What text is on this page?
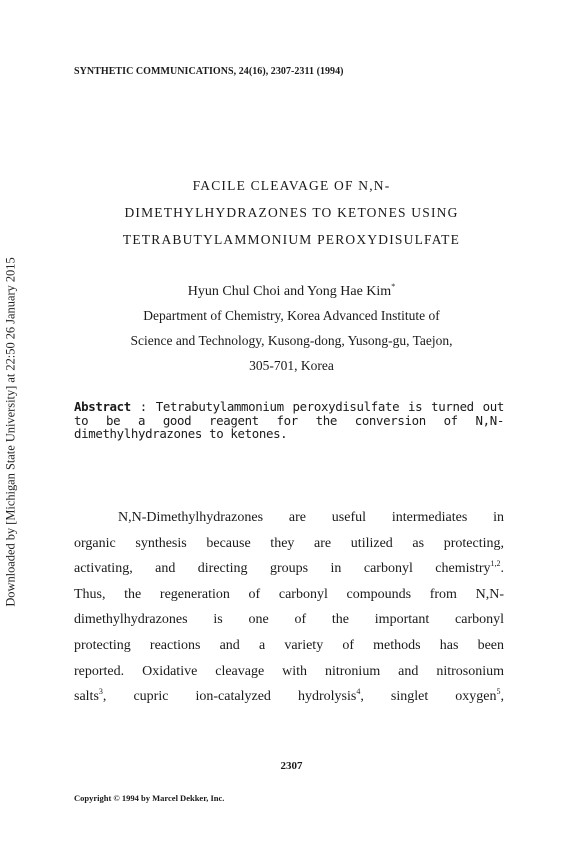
Downloaded by [Michigan State University] at 22:50 26 January 2015
SYNTHETIC COMMUNICATIONS, 24(16), 2307-2311 (1994)
FACILE CLEAVAGE OF N,N-
DIMETHYLHYDRAZONES TO KETONES USING
TETRABUTYLAMMONIUM PEROXYDISULFATE
Hyun Chul Choi and Yong Hae Kim*
Department of Chemistry, Korea Advanced Institute of
Science and Technology, Kusong-dong, Yusong-gu, Taejon,
305-701, Korea
Abstract : Tetrabutylammonium peroxydisulfate is turned out to be a good reagent for the conversion of N,N-dimethylhydrazones to ketones.
N,N-Dimethylhydrazones are useful intermediates in
organic synthesis because they are utilized as protecting,
activating, and directing groups in carbonyl chemistry$^{1,2}$.
Thus, the regeneration of carbonyl compounds from N,N-
dimethylhydrazones is one of the important carbonyl
protecting reactions and a variety of methods has been
reported. Oxidative cleavage with nitronium and nitrosonium
salts$^3$, cupric ion-catalyzed hydrolysis$^4$, singlet oxygen$^5$,
2307
Copyright © 1994 by Marcel Dekker, Inc.
